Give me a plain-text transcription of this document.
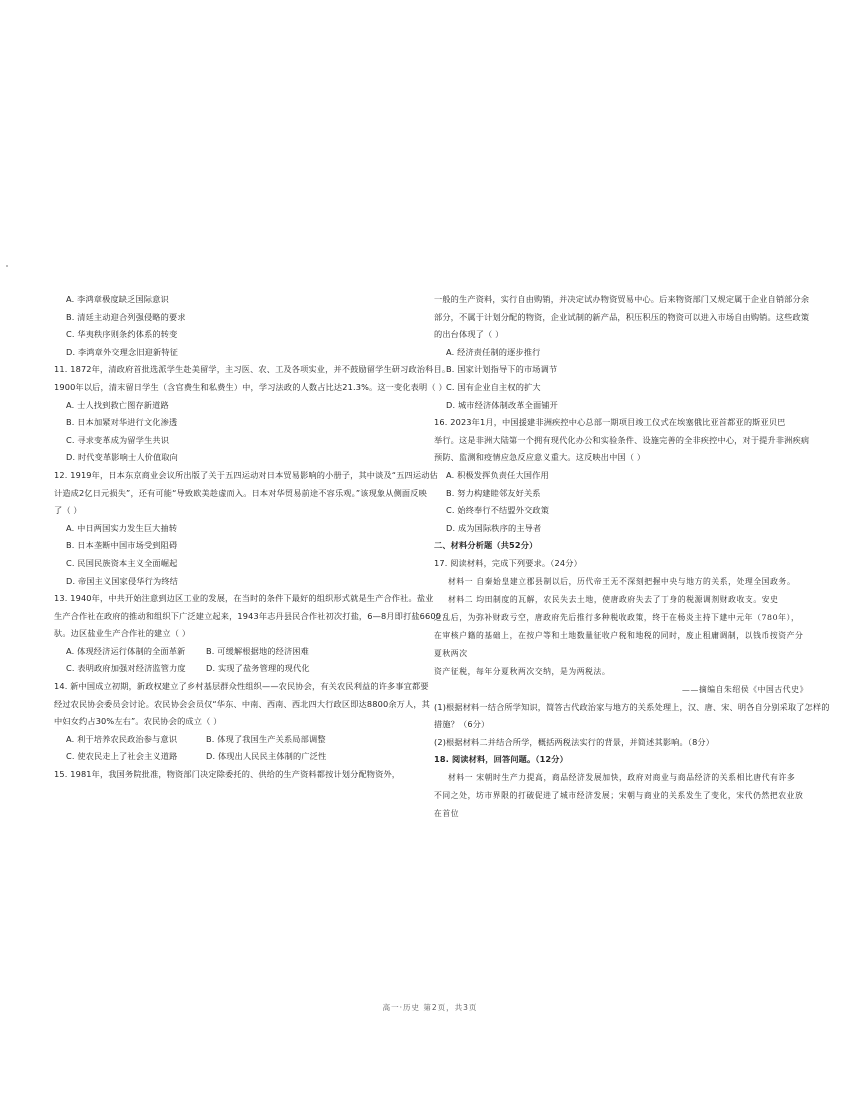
A. 李鸿章极度缺乏国际意识

B. 清廷主动迎合列强侵略的要求

C. 华夷秩序则条约体系的转变

D. 李鸿章外交理念旧迎新特征

11. 1872年，清政府首批选派学生赴美留学，主习医、农、工及各项实业，并不鼓励留学生研习政治科目。

1900年以后，清末留日学生（含官费生和私费生）中，学习法政的人数占比达21.3%。这一变化表明（ ）

A. 士人找到救亡图存新道路

B. 日本加紧对华进行文化渗透

C. 寻求变革成为留学生共识

D. 时代变革影响士人价值取向

12. 1919年，日本东京商业会议所出版了关于五四运动对日本贸易影响的小册子，其中谈及“五四运动估

计造成2亿日元损失”，还有可能“导致欧美趁虚而入。日本对华贸易前途不容乐观。”该现象从侧面反映

了（ ）

A. 中日两国实力发生巨大抽转

B. 日本垄断中国市场受到阻碍

C. 民国民族资本主义全面崛起

D. 帝国主义国家侵华行为终结

13. 1940年，中共开始注意到边区工业的发展，在当时的条件下最好的组织形式就是生产合作社。盐业

生产合作社在政府的推动和组织下广泛建立起来，1943年志丹县民合作社初次打盐，6—8月即打盐6600

驮。边区盐业生产合作社的建立（ ）

A. 体现经济运行体制的全面革新	B. 可缓解根据地的经济困难
C. 表明政府加强对经济监管力度	D. 实现了盐务管理的现代化

14. 新中国成立初期，新政权建立了乡村基层群众性组织——农民协会，有关农民利益的许多事宜都要

经过农民协会委员会讨论。农民协会会员仅“华东、中南、西南、西北四大行政区即达8800余万人，其

中妇女约占30%左右”。农民协会的成立（ ）

A. 利于培养农民政治参与意识	B. 体现了我国生产关系局部调整
C. 使农民走上了社会主义道路	D. 体现出人民民主体制的广泛性

15. 1981年，我国务院批准，物资部门决定除委托的、供给的生产资料都按计划分配物资外，

一般的生产资料，实行自由购销，并决定试办物资贸易中心。后来物资部门又规定属于企业自销部分余

部分，不属于计划分配的物资，企业试制的新产品，积压积压的物资可以进入市场自由购销。这些政策

的出台体现了（ ）

A. 经济责任制的逐步推行

B. 国家计划指导下的市场调节

C. 国有企业自主权的扩大

D. 城市经济体制改革全面铺开

16. 2023年1月，中国援建非洲疾控中心总部一期项目竣工仪式在埃塞俄比亚首都亚的斯亚贝巴

举行。这是非洲大陆第一个拥有现代化办公和实验条件、设施完善的全非疾控中心，对于提升非洲疾病

预防、监测和疫情应急反应意义重大。这反映出中国（ ）

A. 积极发挥负责任大国作用

B. 努力构建睦邻友好关系

C. 始终奉行不结盟外交政策

D. 成为国际秩序的主导者

二、材料分析题（共52分）

17. 阅读材料，完成下列要求。（24分）

材料一 自秦始皇建立郡县制以后，历代帝王无不深刻把握中央与地方的关系，处理全国政务。

材料二 均田制度的瓦解，农民失去土地，使唐政府失去了丁身的税源调剂财政收支。安史

之乱后，为弥补财政亏空，唐政府先后推行多种税收政策，终于在杨炎主持下建中元年（780年），

在审核户籍的基础上，在按户等和土地数量征收户税和地税的同时，废止租庸调制，以钱币按资产分夏秋两次

资产征税，每年分夏秋两次交纳，是为两税法。

——摘编自朱绍侯《中国古代史》

(1)根据材料一结合所学知识，简答古代政治家与地方的关系处理上，汉、唐、宋、明各自分别采取了怎样的

措施？（6分）

(2)根据材料二并结合所学，概括两税法实行的背景，并简述其影响。（8分）

18. 阅读材料，回答问题。（12分）

材料一 宋朝时生产力提高，商品经济发展加快，政府对商业与商品经济的关系相比唐代有许多

不同之处，坊市界限的打破促进了城市经济发展；宋朝与商业的关系发生了变化，宋代仍然把农业放在首位

高一·历史 第2页，共3页
